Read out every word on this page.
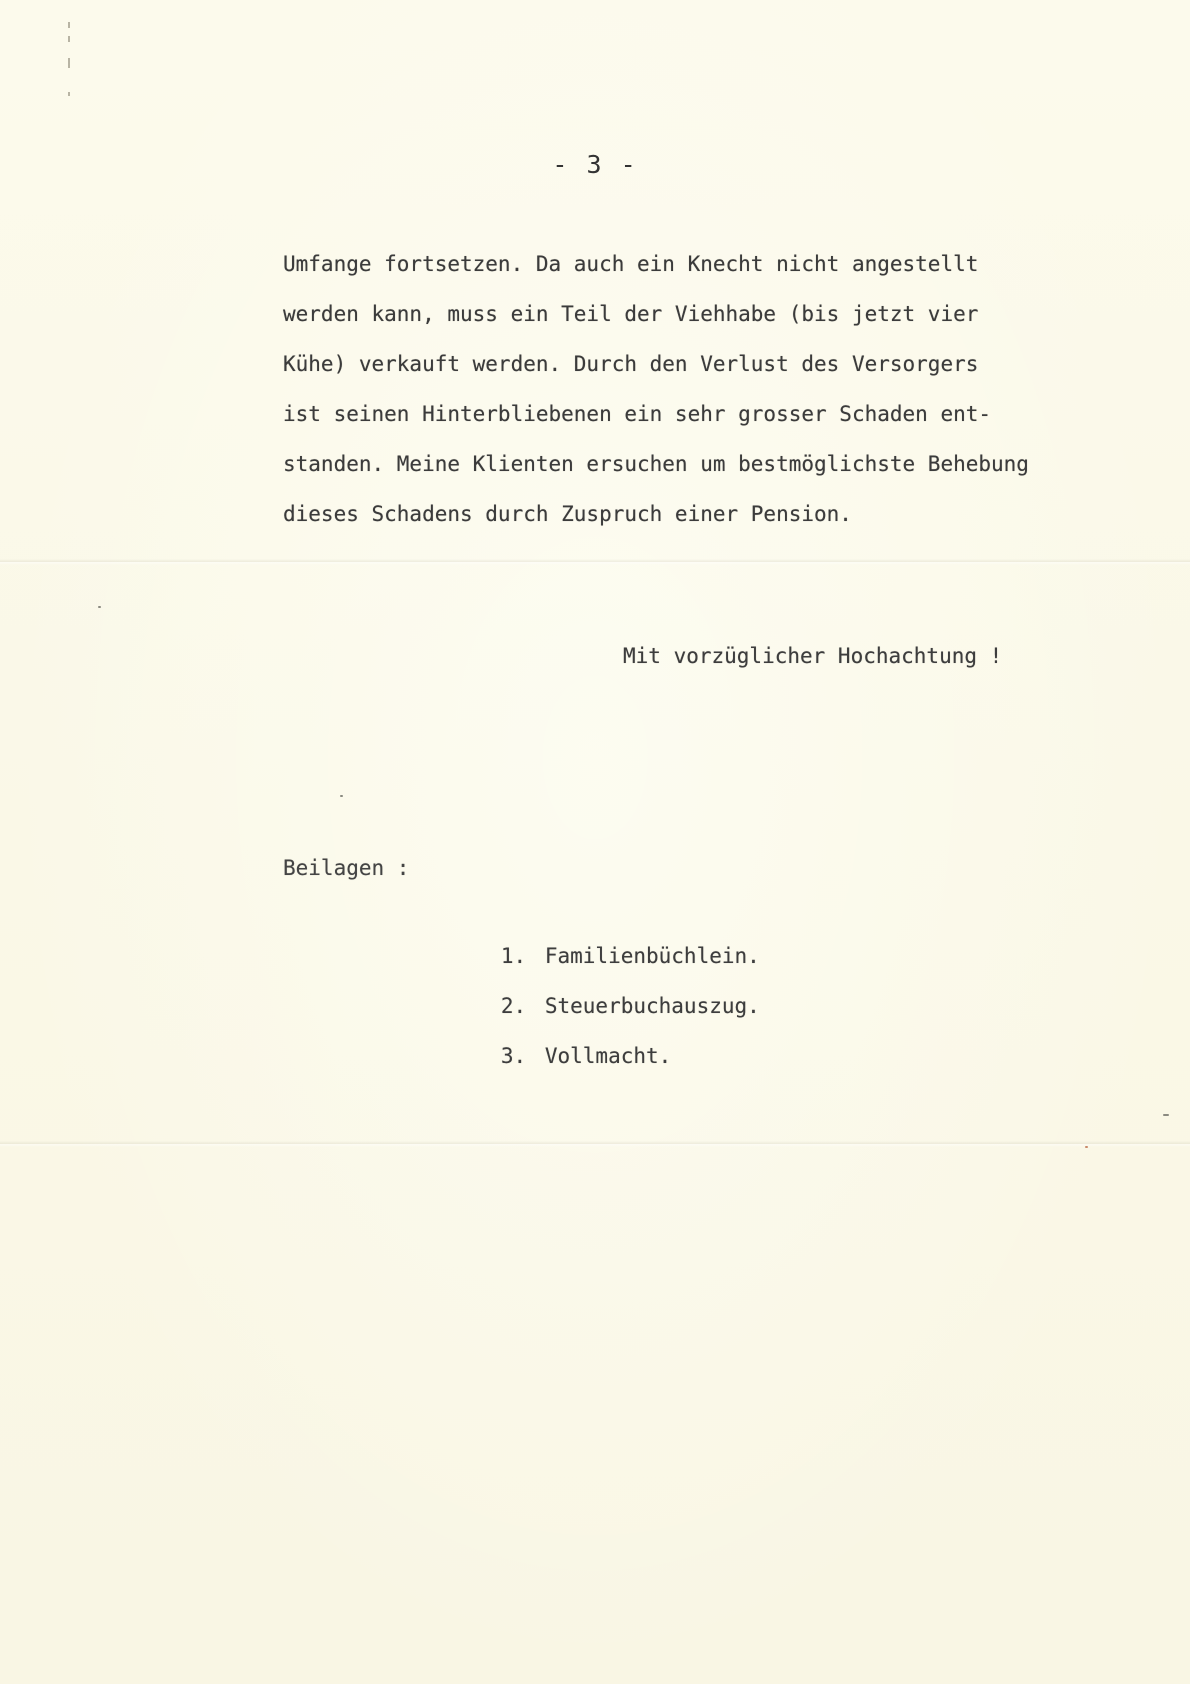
- 3 -
Umfange fortsetzen. Da auch ein Knecht nicht angestellt
werden kann, muss ein Teil der Viehhabe (bis jetzt vier
Kühe) verkauft werden. Durch den Verlust des Versorgers
ist seinen Hinterbliebenen ein sehr grosser Schaden ent-
standen. Meine Klienten ersuchen um bestmöglichste Behebung
dieses Schadens durch Zuspruch einer Pension.
Mit vorzüglicher Hochachtung !
Beilagen :

1. Familienbüchlein.

2. Steuerbuchauszug.

3. Vollmacht.
